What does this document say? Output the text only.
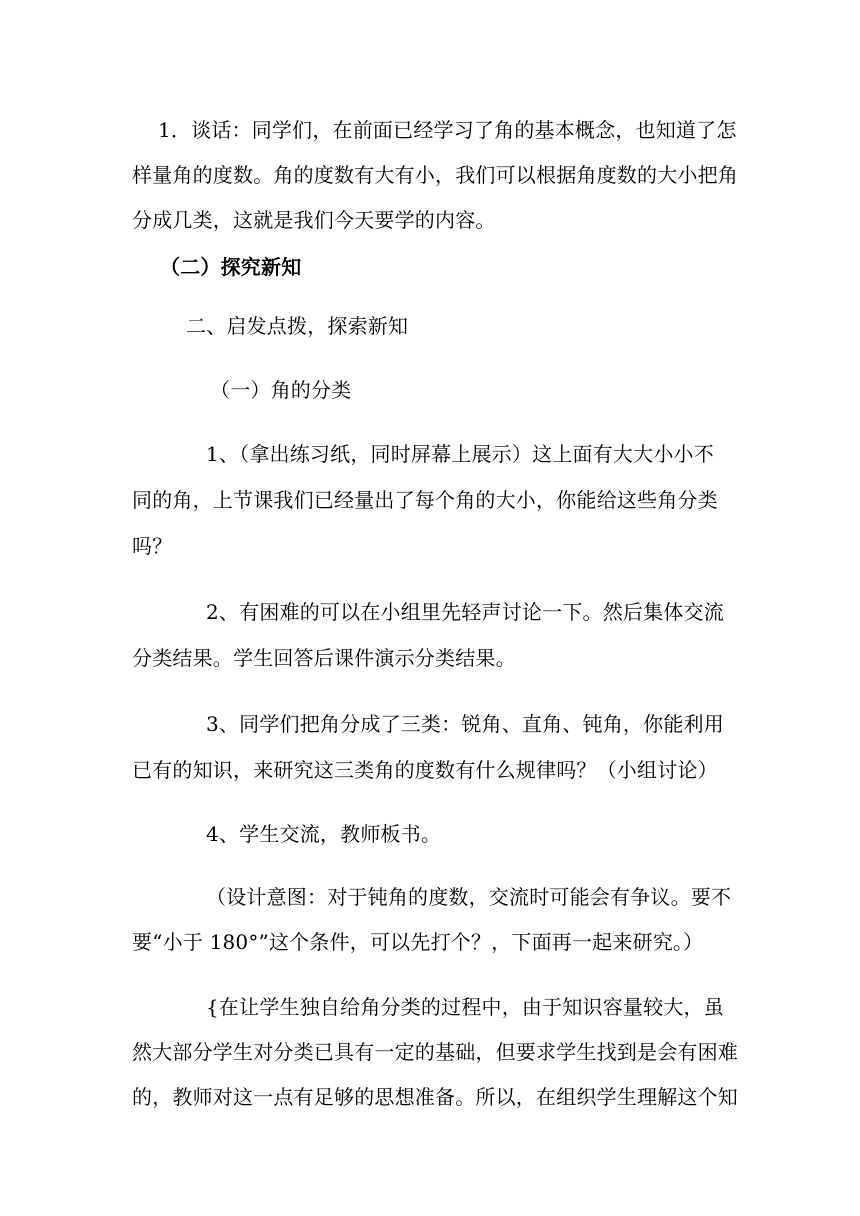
1．谈话：同学们，在前面已经学习了角的基本概念，也知道了怎
样量角的度数。角的度数有大有小，我们可以根据角度数的大小把角
分成几类，这就是我们今天要学的内容。
（二）探究新知
二、启发点拨，探索新知
（一）角的分类
1、（拿出练习纸，同时屏幕上展示）这上面有大大小小不
同的角，上节课我们已经量出了每个角的大小，你能给这些角分类
吗？
2、有困难的可以在小组里先轻声讨论一下。然后集体交流
分类结果。学生回答后课件演示分类结果。
3、同学们把角分成了三类：锐角、直角、钝角，你能利用
已有的知识，来研究这三类角的度数有什么规律吗？（小组讨论）
4、学生交流，教师板书。
（设计意图：对于钝角的度数，交流时可能会有争议。要不
要“小于 180°”这个条件，可以先打个？，下面再一起来研究。）
{在让学生独自给角分类的过程中，由于知识容量较大，虽
然大部分学生对分类已具有一定的基础，但要求学生找到是会有困难
的，教师对这一点有足够的思想准备。所以，在组织学生理解这个知
